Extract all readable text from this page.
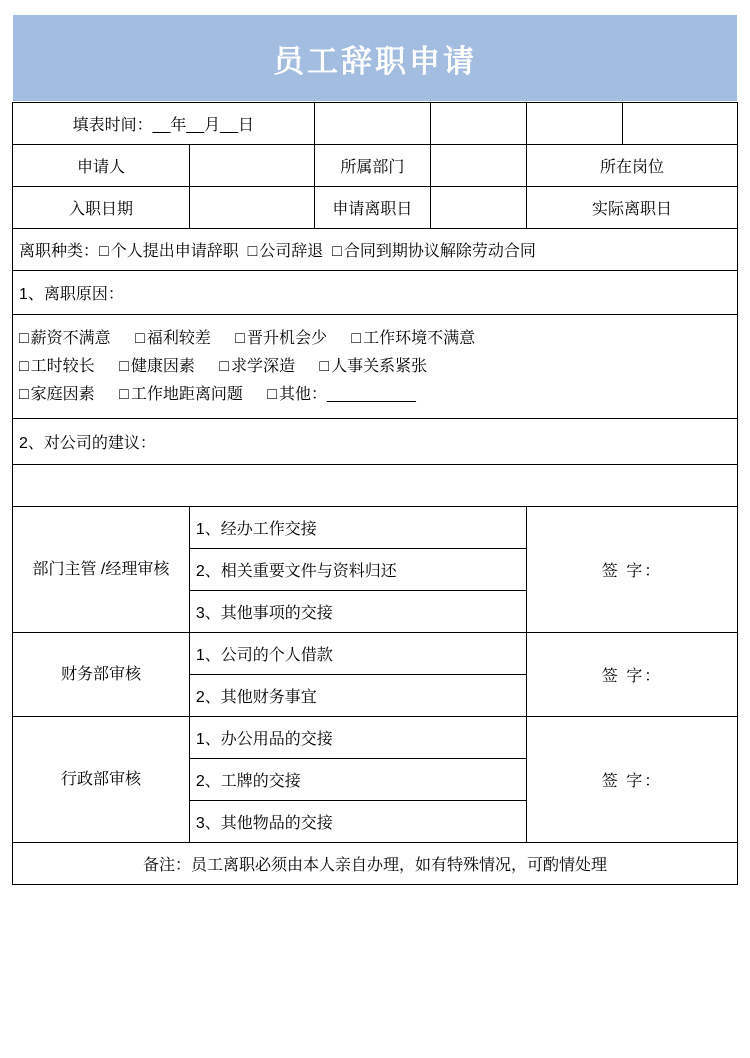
员工辞职申请
填表时间：__年__月__日					
申请人		所属部门		所在岗位	
入职日期		申请离职日		实际离职日	
离职种类：□ 个人提出申请辞职 □ 公司辞退 □ 合同到期协议解除劳动合同					
1、离职原因：					

□ 薪资不满意 □ 福利较差 □ 晋升机会少 □ 工作环境不满意
□ 工时较长 □ 健康因素 □ 求学深造 □ 人事关系紧张
□ 家庭因素 □ 工作地距离问题 □ 其他：__________					

2、对公司的建议：					

部门主管 /经理审核	1、经办工作交接			签 字：	
	2、相关重要文件与资料归还				
	3、其他事项的交接				
财务部审核	1、公司的个人借款			签 字：	
	2、其他财务事宜				
行政部审核	1、办公用品的交接			签 字：	
	2、工牌的交接				
	3、其他物品的交接				
备注：员工离职必须由本人亲自办理，如有特殊情况，可酌情处理					
